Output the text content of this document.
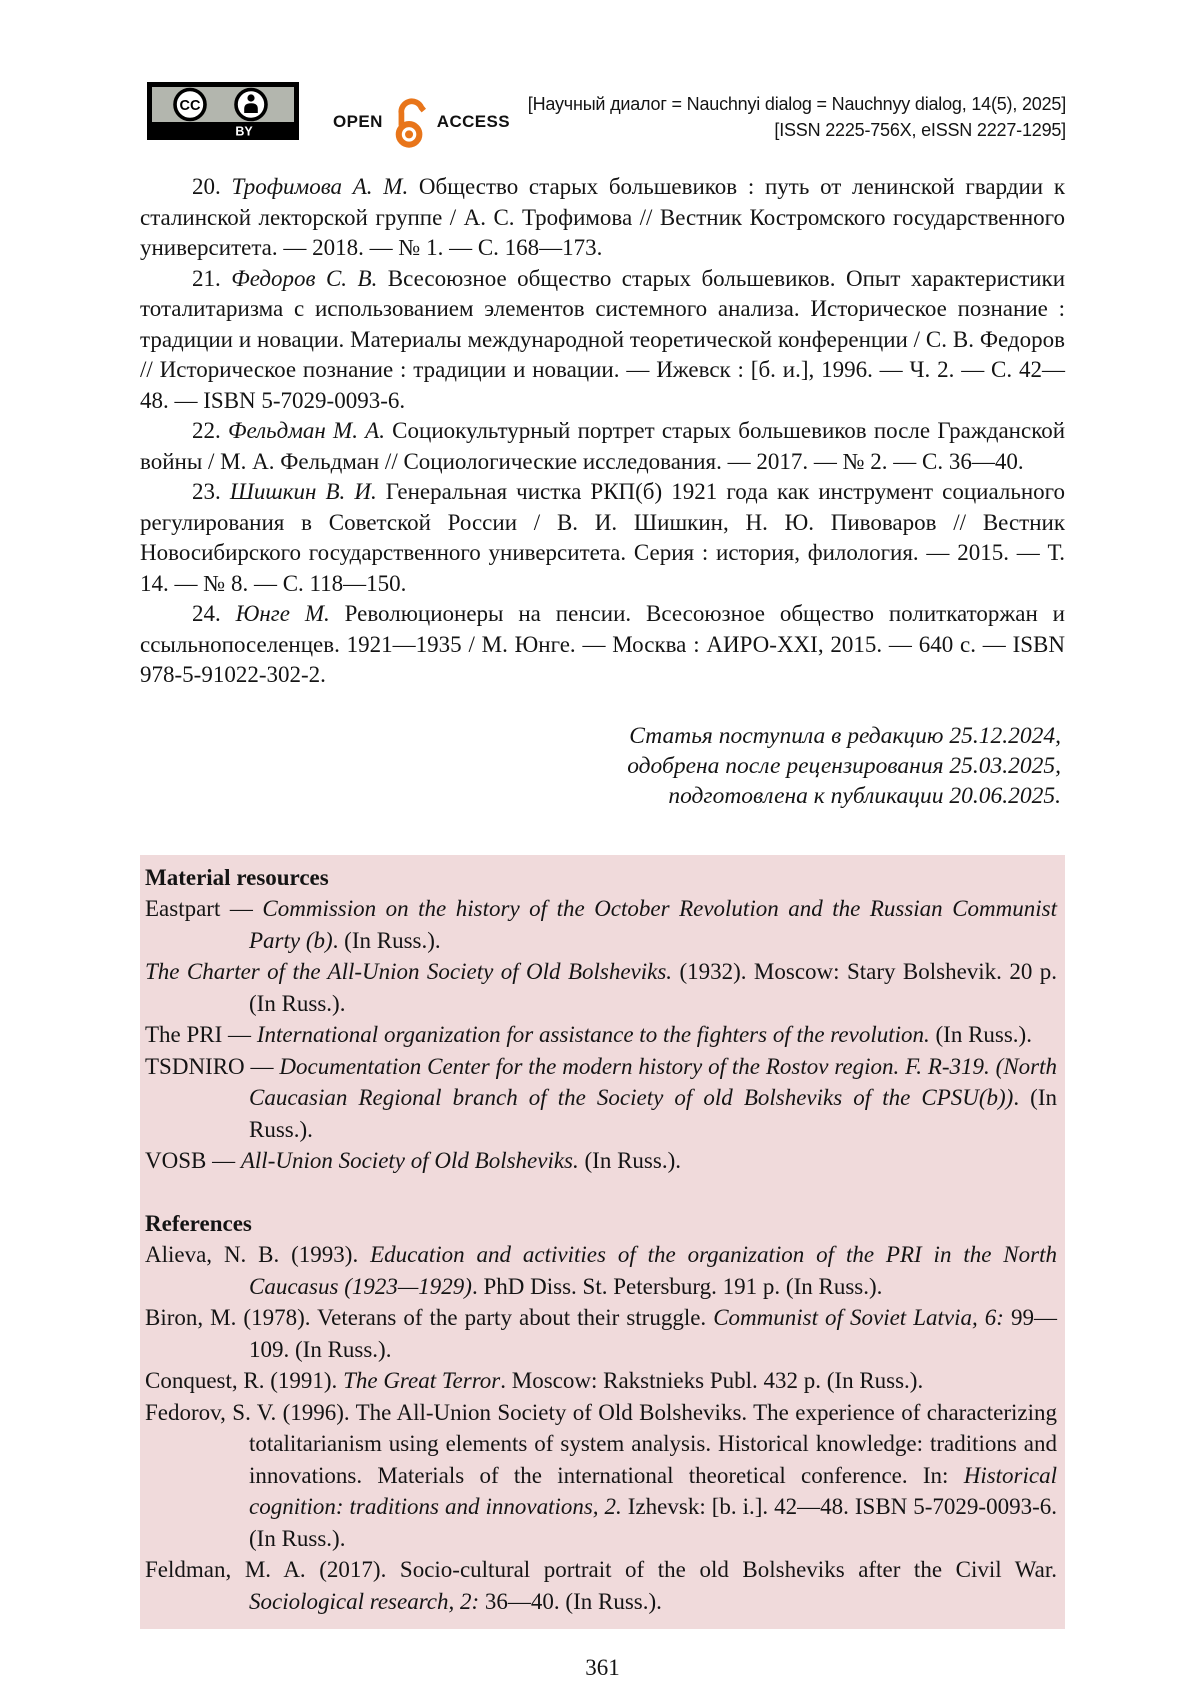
CC
BY
OPEN	ACCESS
[Научный диалог = Nauchnyi dialog = Nauchnyy dialog, 14(5), 2025]
[ISSN 2225-756X, eISSN 2227-1295]

20. Трофимова А. М. Общество старых большевиков : путь от ленинской гвардии к сталинской лекторской группе / А. С. Трофимова // Вестник Костромского государственного университета. — 2018. — № 1. — С. 168—173.

21. Федоров С. В. Всесоюзное общество старых большевиков. Опыт характеристики тоталитаризма с использованием элементов системного анализа. Историческое познание : традиции и новации. Материалы международной теоретической конференции / С. В. Федоров // Историческое познание : традиции и новации. — Ижевск : [б. и.], 1996. — Ч. 2. — С. 42—48. — ISBN 5-7029-0093-6.

22. Фельдман М. А. Социокультурный портрет старых большевиков после Гражданской войны / М. А. Фельдман // Социологические исследования. — 2017. — № 2. — С. 36—40.

23. Шишкин В. И. Генеральная чистка РКП(б) 1921 года как инструмент социального регулирования в Советской России / В. И. Шишкин, Н. Ю. Пивоваров // Вестник Новосибирского государственного университета. Серия : история, филология. — 2015. — Т. 14. — № 8. — С. 118—150.

24. Юнге М. Революционеры на пенсии. Всесоюзное общество политкаторжан и ссыльнопоселенцев. 1921—1935 / М. Юнге. — Москва : АИРО-XXI, 2015. — 640 с. — ISBN 978-5-91022-302-2.

Статья поступила в редакцию 25.12.2024,
одобрена после рецензирования 25.03.2025,
подготовлена к публикации 20.06.2025.

Material resources

Eastpart — Commission on the history of the October Revolution and the Russian Communist Party (b). (In Russ.).

The Charter of the All-Union Society of Old Bolsheviks. (1932). Moscow: Stary Bolshevik. 20 p. (In Russ.).

The PRI — International organization for assistance to the fighters of the revolution. (In Russ.).

TSDNIRO — Documentation Center for the modern history of the Rostov region. F. R-319. (North Caucasian Regional branch of the Society of old Bolsheviks of the CPSU(b)). (In Russ.).

VOSB — All-Union Society of Old Bolsheviks. (In Russ.).

References

Alieva, N. B. (1993). Education and activities of the organization of the PRI in the North Caucasus (1923—1929). PhD Diss. St. Petersburg. 191 p. (In Russ.).

Biron, M. (1978). Veterans of the party about their struggle. Communist of Soviet Latvia, 6: 99—109. (In Russ.).

Conquest, R. (1991). The Great Terror. Moscow: Rakstnieks Publ. 432 p. (In Russ.).

Fedorov, S. V. (1996). The All-Union Society of Old Bolsheviks. The experience of characterizing totalitarianism using elements of system analysis. Historical knowledge: traditions and innovations. Materials of the international theoretical conference. In: Historical cognition: traditions and innovations, 2. Izhevsk: [b. i.]. 42—48. ISBN 5-7029-0093-6. (In Russ.).

Feldman, M. A. (2017). Socio-cultural portrait of the old Bolsheviks after the Civil War. Sociological research, 2: 36—40. (In Russ.).

361
